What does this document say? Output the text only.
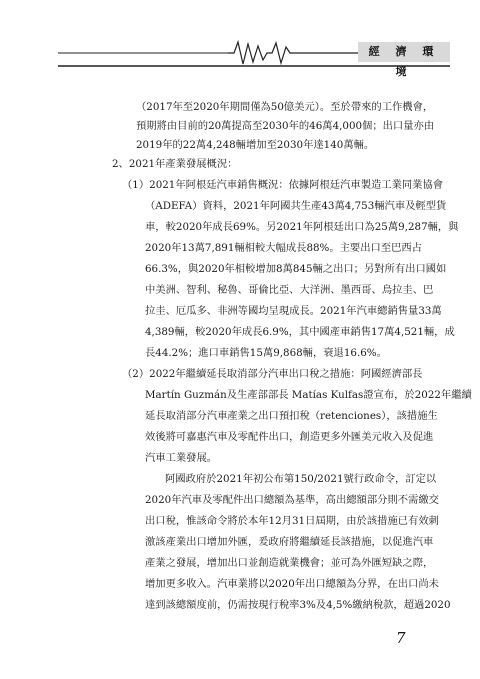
經 濟 環 境
（2017年至2020年期間僅為50億美元）。至於帶來的工作機會，
預期將由目前的20萬提高至2030年的46萬4,000個；出口量亦由
2019年的22萬4,248輛增加至2030年達140萬輛。
2、2021年產業發展概況：
（1）2021年阿根廷汽車銷售概況：依據阿根廷汽車製造工業同業協會
（ADEFA）資料，2021年阿國共生產43萬4,753輛汽車及輕型貨
車，較2020年成長69%。另2021年阿根廷出口為25萬9,287輛，與
2020年13萬7,891輛相較大幅成長88%。主要出口至巴西占
66.3%，與2020年相較增加8萬845輛之出口；另對所有出口國如
中美洲、智利、秘魯、哥倫比亞、大洋洲、墨西哥、烏拉圭、巴
拉圭、厄瓜多、非洲等國均呈現成長。2021年汽車總銷售量33萬
4,389輛，較2020年成長6.9%，其中國產車銷售17萬4,521輛，成
長44.2%；進口車銷售15萬9,868輛，衰退16.6%。
（2）2022年繼續延長取消部分汽車出口稅之措施：阿國經濟部長
Martín Guzmán及生產部部長 Matías Kulfas證宣布，於2022年繼續
延長取消部分汽車產業之出口預扣稅（retenciones），該措施生
效後將可嘉惠汽車及零配件出口，創造更多外匯美元收入及促進
汽車工業發展。
阿國政府於2021年初公布第150/2021號行政命令，訂定以
2020年汽車及零配件出口總額為基準，高出總額部分則不需繳交
出口稅，惟該命令將於本年12月31日屆期，由於該措施已有效刺
激該產業出口增加外匯，爰政府將繼續延長該措施，以促進汽車
產業之發展，增加出口並創造就業機會；並可為外匯短缺之際，
增加更多收入。汽車業將以2020年出口總額為分界，在出口尚未
達到該總額度前，仍需按現行稅率3%及4,5%繳納稅款，超過2020
7
